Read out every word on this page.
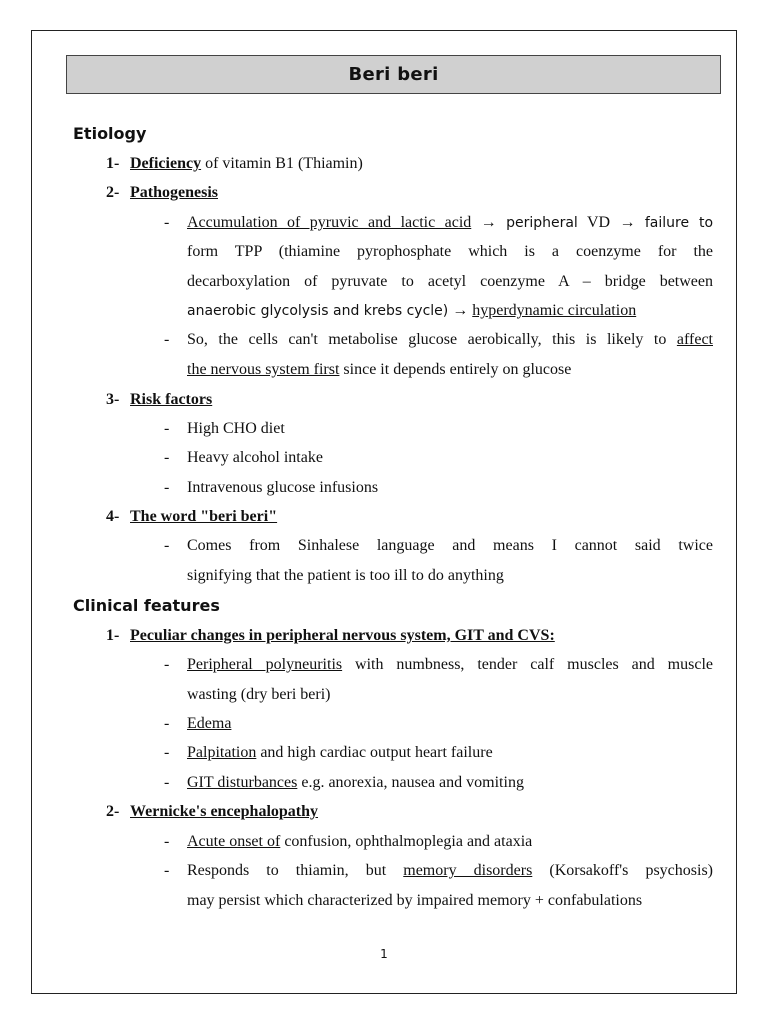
Beri beri
Etiology
1- Deficiency of vitamin B1 (Thiamin)
2- Pathogenesis
- Accumulation of pyruvic and lactic acid → peripheral VD → failure to
form TPP (thiamine pyrophosphate which is a coenzyme for the
decarboxylation of pyruvate to acetyl coenzyme A – bridge between
anaerobic glycolysis and krebs cycle) → hyperdynamic circulation
- So, the cells can't metabolise glucose aerobically, this is likely to affect
the nervous system first since it depends entirely on glucose
3- Risk factors
- High CHO diet
- Heavy alcohol intake
- Intravenous glucose infusions
4- The word "beri beri"
- Comes from Sinhalese language and means I cannot said twice
signifying that the patient is too ill to do anything
Clinical features
1- Peculiar changes in peripheral nervous system, GIT and CVS:
- Peripheral polyneuritis with numbness, tender calf muscles and muscle
wasting (dry beri beri)
- Edema
- Palpitation and high cardiac output heart failure
- GIT disturbances e.g. anorexia, nausea and vomiting
2- Wernicke's encephalopathy
- Acute onset of confusion, ophthalmoplegia and ataxia
- Responds to thiamin, but memory disorders (Korsakoff's psychosis)
may persist which characterized by impaired memory + confabulations
1
